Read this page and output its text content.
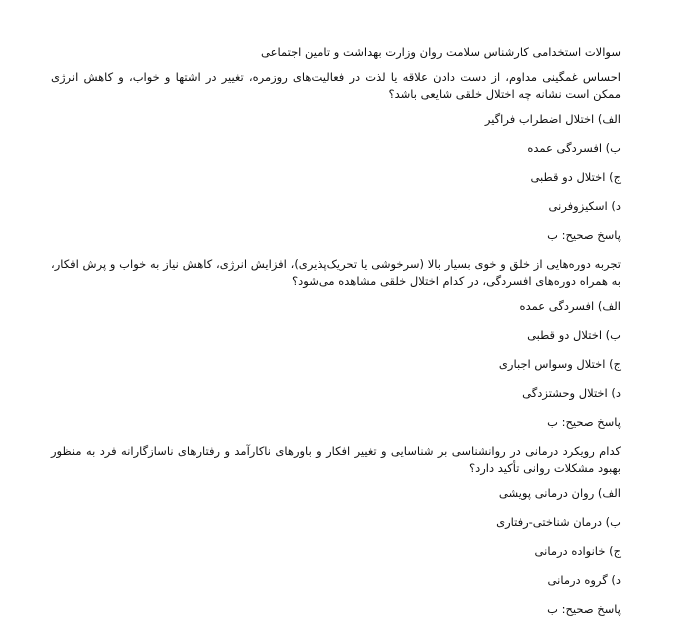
سوالات استخدامی کارشناس سلامت روان وزارت بهداشت و تامین اجتماعی

احساس غمگینی مداوم، از دست دادن علاقه یا لذت در فعالیت‌های روزمره، تغییر در اشتها و خواب، و کاهش انرژی ممکن است نشانه چه اختلال خلقی شایعی باشد؟

الف) اختلال اضطراب فراگیر

ب) افسردگی عمده

ج) اختلال دو قطبی

د) اسکیزوفرنی

پاسخ صحیح: ب

تجربه دوره‌هایی از خلق و خوی بسیار بالا (سرخوشی یا تحریک‌پذیری)، افزایش انرژی، کاهش نیاز به خواب و پرش افکار، به همراه دوره‌های افسردگی، در کدام اختلال خلقی مشاهده می‌شود؟

الف) افسردگی عمده

ب) اختلال دو قطبی

ج) اختلال وسواس اجباری

د) اختلال وحشتزدگی

پاسخ صحیح: ب

کدام رویکرد درمانی در روانشناسی بر شناسایی و تغییر افکار و باورهای ناکارآمد و رفتارهای ناسازگارانه فرد به منظور بهبود مشکلات روانی تأکید دارد؟

الف) روان درمانی پویشی

ب) درمان شناختی-رفتاری

ج) خانواده درمانی

د) گروه درمانی

پاسخ صحیح: ب
